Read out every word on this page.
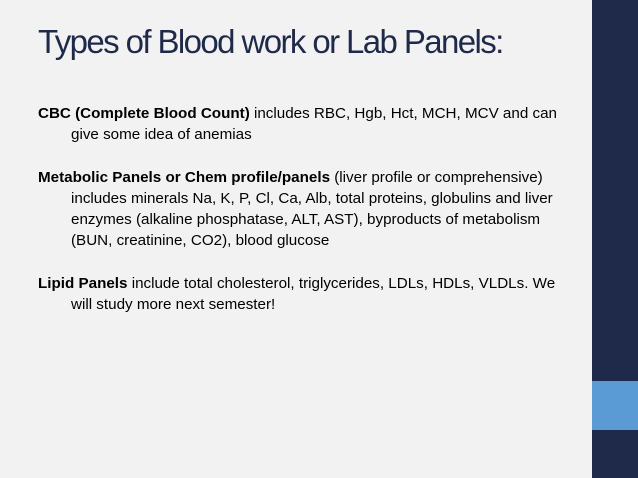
Types of Blood work or Lab Panels:

CBC (Complete Blood Count) includes RBC, Hgb, Hct, MCH, MCV and can give some idea of anemias

Metabolic Panels or Chem profile/panels (liver profile or comprehensive) includes minerals Na, K, P, Cl, Ca, Alb, total proteins, globulins and liver enzymes (alkaline phosphatase, ALT, AST), byproducts of metabolism (BUN, creatinine, CO2), blood glucose

Lipid Panels include total cholesterol, triglycerides, LDLs, HDLs, VLDLs. We will study more next semester!
